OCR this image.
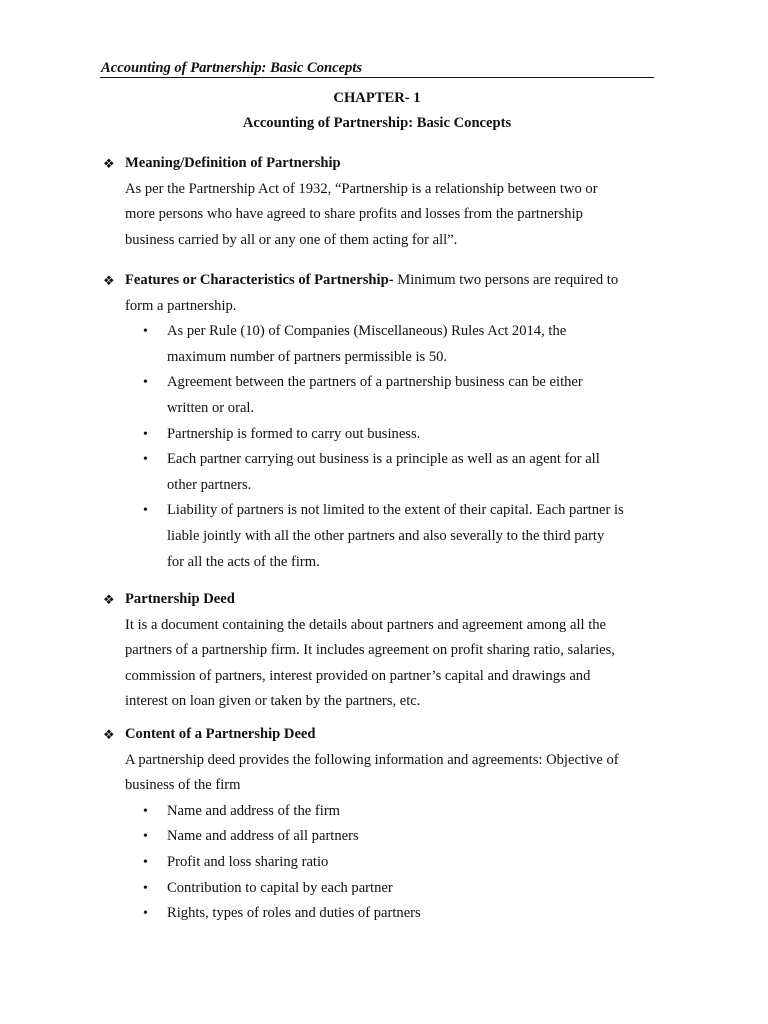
Accounting of Partnership: Basic Concepts
CHAPTER- 1
Accounting of Partnership: Basic Concepts
❖ Meaning/Definition of Partnership
As per the Partnership Act of 1932, “Partnership is a relationship between two or
more persons who have agreed to share profits and losses from the partnership
business carried by all or any one of them acting for all”.
❖ Features or Characteristics of Partnership- Minimum two persons are required to
form a partnership.
• As per Rule (10) of Companies (Miscellaneous) Rules Act 2014, the
maximum number of partners permissible is 50.
• Agreement between the partners of a partnership business can be either
written or oral.
• Partnership is formed to carry out business.
• Each partner carrying out business is a principle as well as an agent for all
other partners.
• Liability of partners is not limited to the extent of their capital. Each partner is
liable jointly with all the other partners and also severally to the third party
for all the acts of the firm.
❖ Partnership Deed
It is a document containing the details about partners and agreement among all the
partners of a partnership firm. It includes agreement on profit sharing ratio, salaries,
commission of partners, interest provided on partner’s capital and drawings and
interest on loan given or taken by the partners, etc.
❖ Content of a Partnership Deed
A partnership deed provides the following information and agreements: Objective of
business of the firm
• Name and address of the firm
• Name and address of all partners
• Profit and loss sharing ratio
• Contribution to capital by each partner
• Rights, types of roles and duties of partners
